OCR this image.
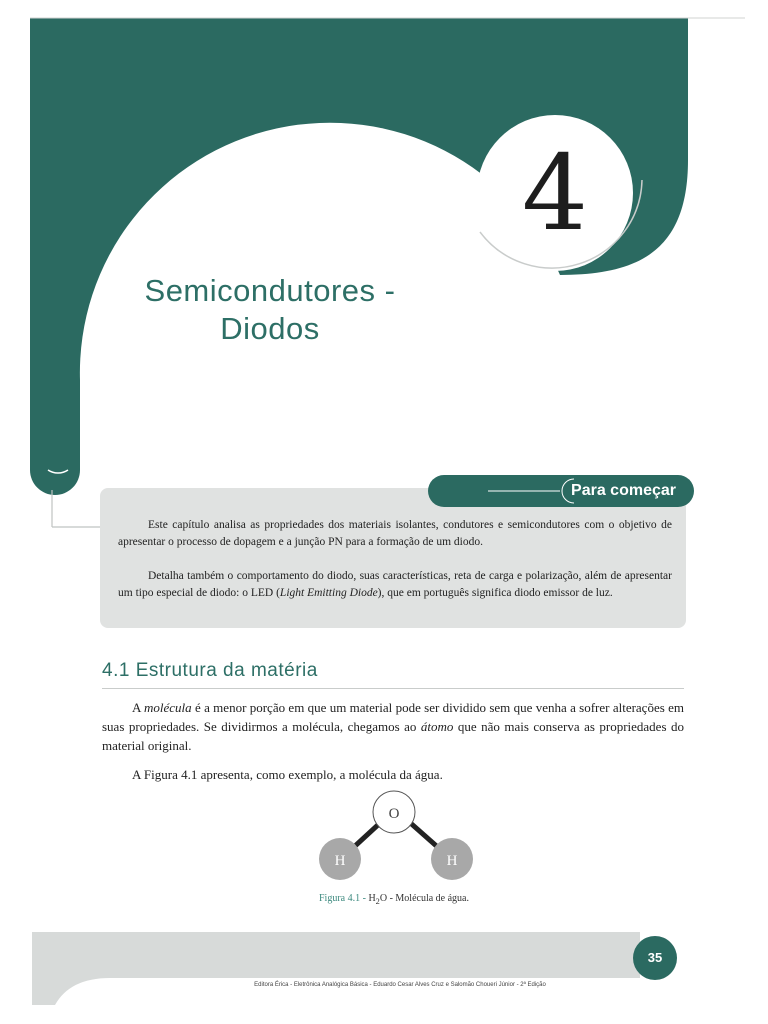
4
Semicondutores -
Diodos
Para começar

Este capítulo analisa as propriedades dos materiais isolantes, condutores e semicondutores com o objetivo de apresentar o processo de dopagem e a junção PN para a formação de um diodo.

Detalha também o comportamento do diodo, suas características, reta de carga e polarização, além de apresentar um tipo especial de diodo: o LED (Light Emitting Diode), que em português significa diodo emissor de luz.

4.1 Estrutura da matéria

A molécula é a menor porção em que um material pode ser dividido sem que venha a sofrer alterações em suas propriedades. Se dividirmos a molécula, chegamos ao átomo que não mais conserva as propriedades do material original.

A Figura 4.1 apresenta, como exemplo, a molécula da água.

O
H	H
Figura $4.1 - H_2O$ - Molécula de água.
35
Editora Érica - Eletrônica Analógica Básica - Eduardo Cesar Alves Cruz e Salomão Choueri Júnior - 2ª Edição
